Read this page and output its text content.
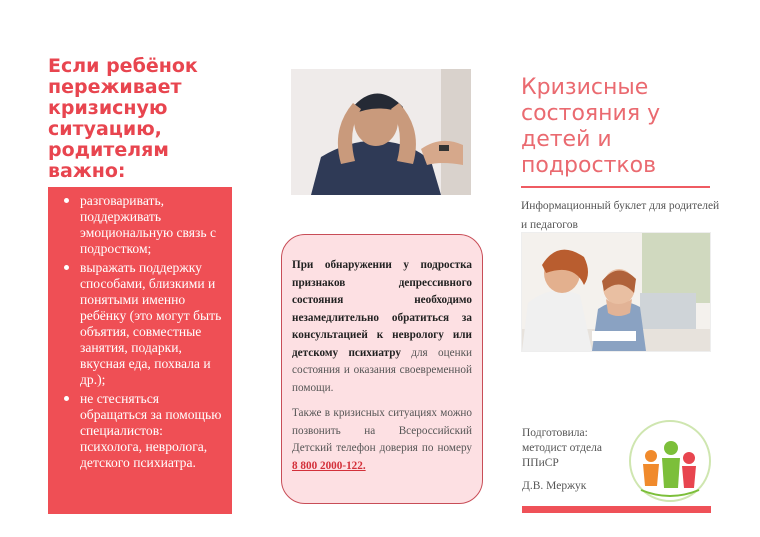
Если ребёнок переживает кризисную ситуацию, родителям важно:
разговаривать, поддерживать эмоциональную связь с подростком;
выражать поддержку способами, близкими и понятыми именно ребёнку (это могут быть объятия, совместные занятия, подарки, вкусная еда, похвала и др.);
не стесняться обращаться за помощью специалистов: психолога, невролога, детского психиатра.

При обнаружении у подростка признаков депрессивного состояния необходимо незамедлительно обратиться за консультацией к неврологу или детскому психиатру для оценки состояния и оказания своевременной помощи.

Также в кризисных ситуациях можно позвонить на Всероссийский Детский телефон доверия по номеру 8 800 2000-122.

Кризисные состояния у детей и подростков
Информационный буклет для родителей и педагогов
Подготовила: методист отдела ППиСР
Д.В. Мержук
